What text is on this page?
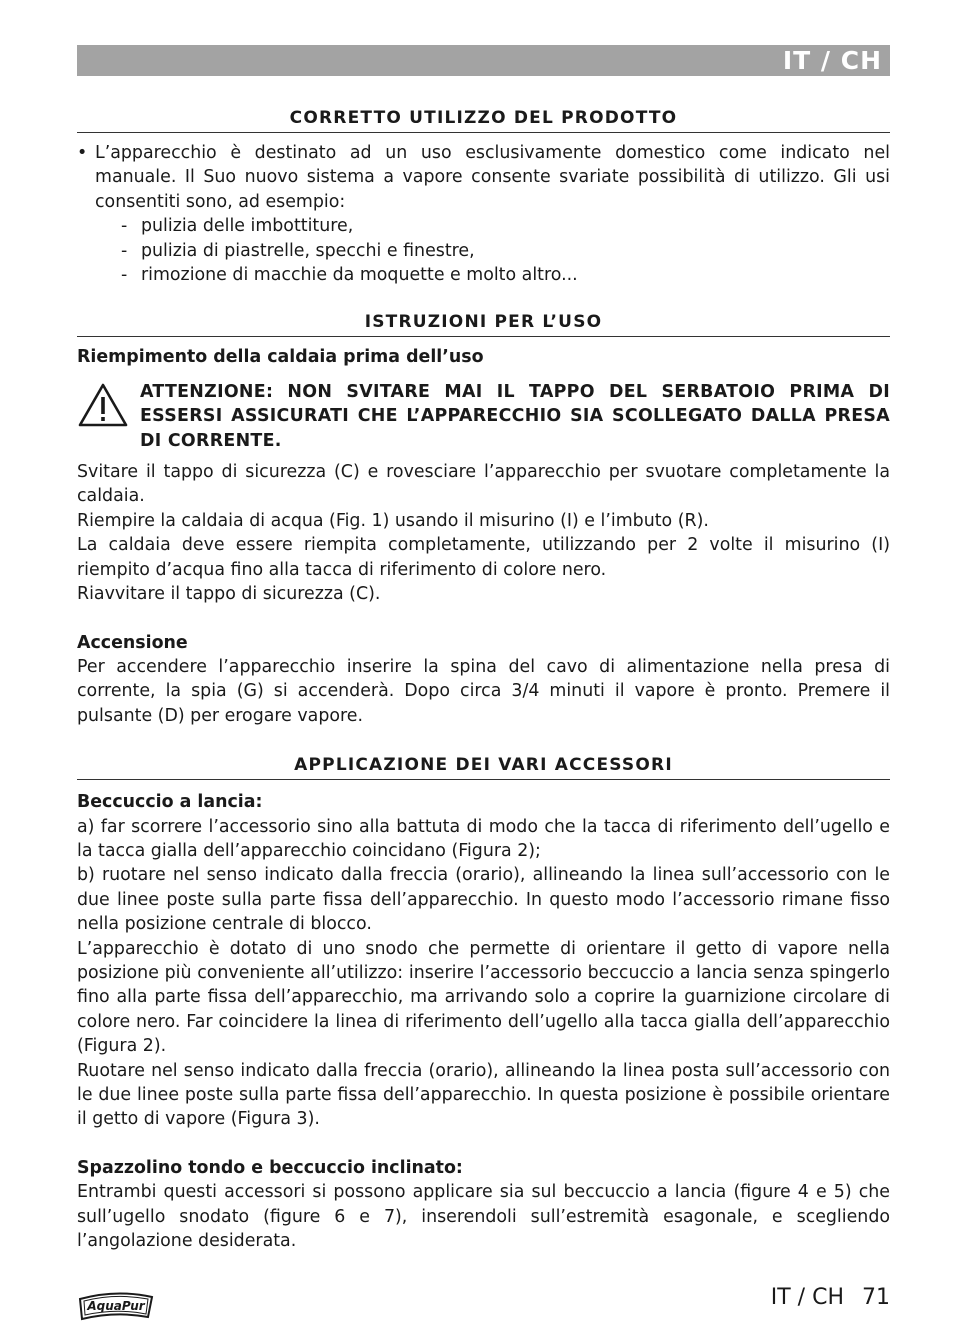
IT / CH
CORRETTO UTILIZZO DEL PRODOTTO
• L’apparecchio è destinato ad un uso esclusivamente domestico come indicato nel manuale. Il Suo nuovo sistema a vapore consente svariate possibilità di utilizzo. Gli usi consentiti sono, ad esempio:
- pulizia delle imbottiture,
- pulizia di piastrelle, specchi e finestre,
- rimozione di macchie da moquette e molto altro...
ISTRUZIONI PER L’USO

Riempimento della caldaia prima dell’uso

ATTENZIONE: NON SVITARE MAI IL TAPPO DEL SERBATOIO PRIMA DI ESSERSI ASSICURATI CHE L’APPARECCHIO SIA SCOLLEGATO DALLA PRESA DI CORRENTE.

Svitare il tappo di sicurezza (C) e rovesciare l’apparecchio per svuotare completamente la caldaia.

Riempire la caldaia di acqua (Fig. 1) usando il misurino (I) e l’imbuto (R).

La caldaia deve essere riempita completamente, utilizzando per 2 volte il misurino (I) riempito d’acqua fino alla tacca di riferimento di colore nero.

Riavvitare il tappo di sicurezza (C).

Accensione

Per accendere l’apparecchio inserire la spina del cavo di alimentazione nella presa di corrente, la spia (G) si accenderà. Dopo circa 3/4 minuti il vapore è pronto. Premere il pulsante (D) per erogare vapore.

APPLICAZIONE DEI VARI ACCESSORI

Beccuccio a lancia:

a) far scorrere l’accessorio sino alla battuta di modo che la tacca di riferimento dell’ugello e la tacca gialla dell’apparecchio coincidano (Figura 2);

b) ruotare nel senso indicato dalla freccia (orario), allineando la linea sull’accessorio con le due linee poste sulla parte fissa dell’apparecchio. In questo modo l’accessorio rimane fisso nella posizione centrale di blocco.

L’apparecchio è dotato di uno snodo che permette di orientare il getto di vapore nella posizione più conveniente all’utilizzo: inserire l’accessorio beccuccio a lancia senza spingerlo fino alla parte fissa dell’apparecchio, ma arrivando solo a coprire la guarnizione circolare di colore nero. Far coincidere la linea di riferimento dell’ugello alla tacca gialla dell’apparecchio (Figura 2).

Ruotare nel senso indicato dalla freccia (orario), allineando la linea posta sull’accessorio con le due linee poste sulla parte fissa dell’apparecchio. In questa posizione è possibile orientare il getto di vapore (Figura 3).

Spazzolino tondo e beccuccio inclinato:

Entrambi questi accessori si possono applicare sia sul beccuccio a lancia (figure 4 e 5) che sull’ugello snodato (figure 6 e 7), inserendoli sull’estremità esagonale, e scegliendo l’angolazione desiderata.

AquaPur	IT / CH 71
